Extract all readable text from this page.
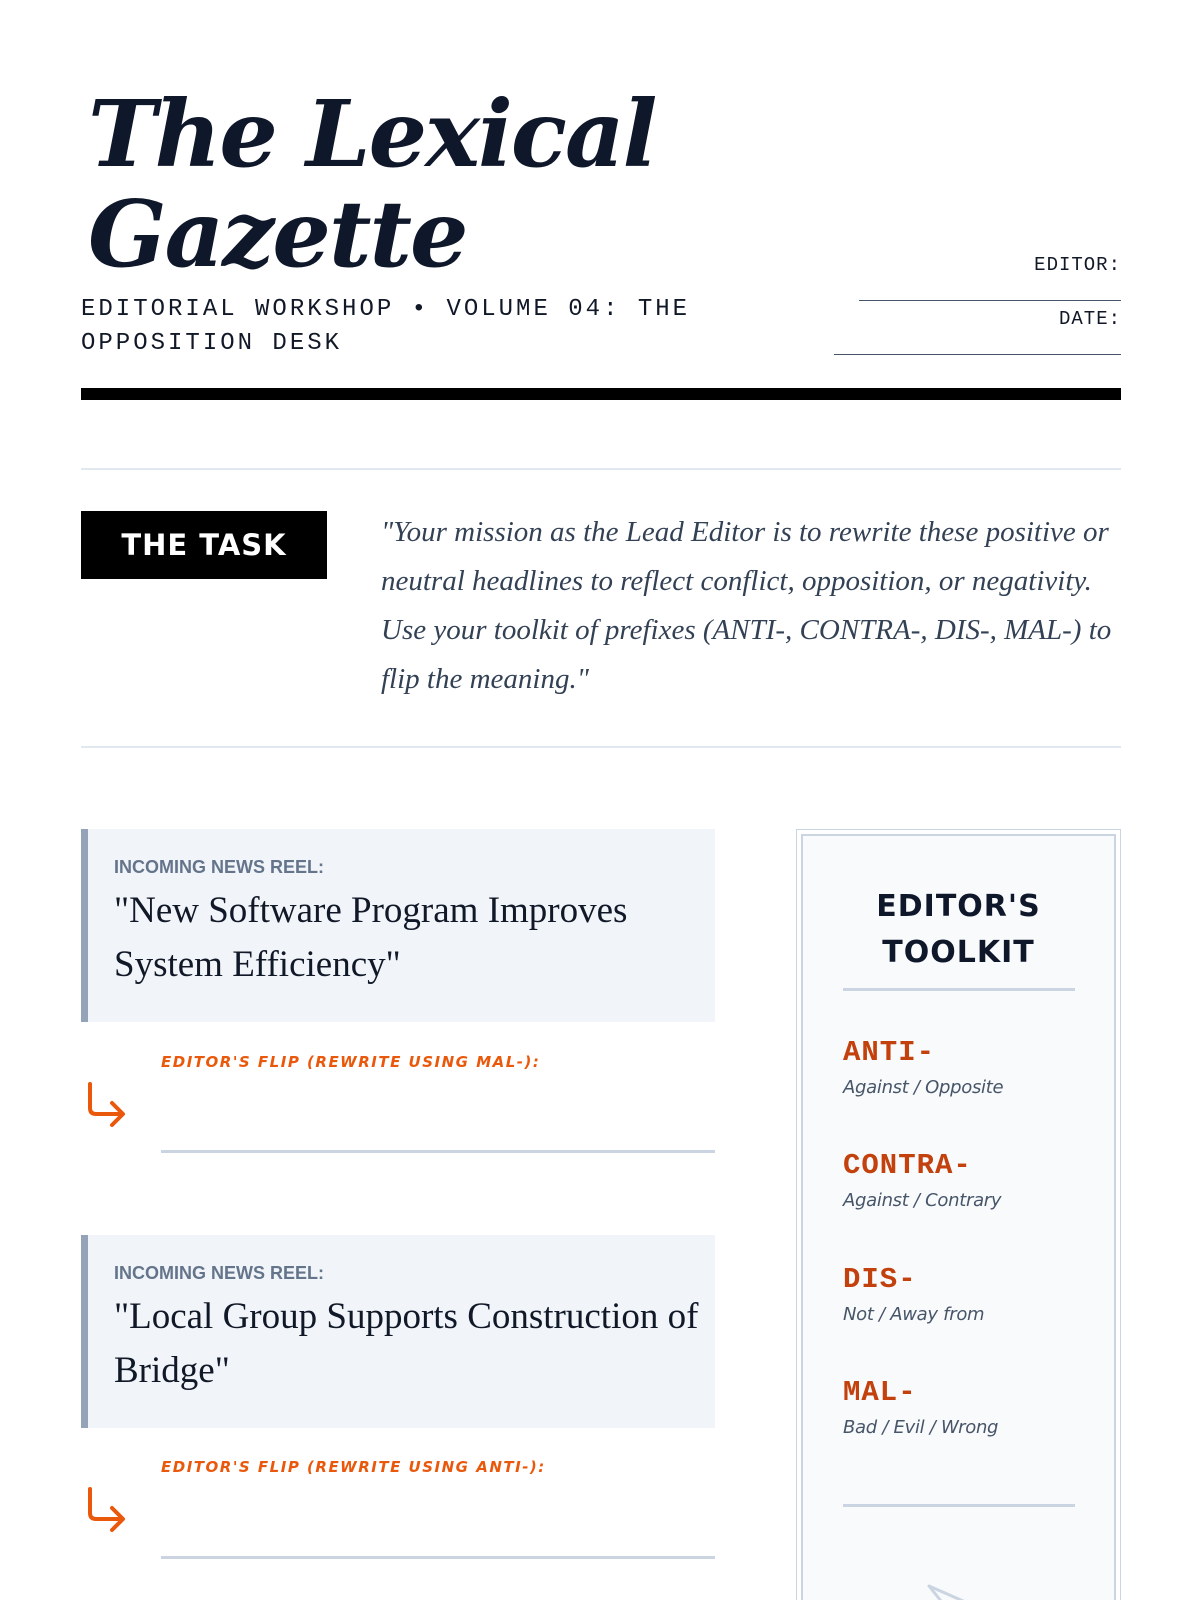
The Lexical Gazette
EDITORIAL WORKSHOP • VOLUME 04: THE OPPOSITION DESK
EDITOR:
DATE:
THE TASK	"Your mission as the Lead Editor is to rewrite these positive or neutral headlines to reflect conflict, opposition, or negativity. Use your toolkit of prefixes (ANTI-, CONTRA-, DIS-, MAL-) to flip the meaning."

INCOMING NEWS REEL:
"New Software Program Improves System Efficiency"
EDITOR'S FLIP (REWRITE USING MAL-):
INCOMING NEWS REEL:
"Local Group Supports Construction of Bridge"
EDITOR'S FLIP (REWRITE USING ANTI-):
EDITOR'S TOOLKIT
ANTI-
Against / Opposite
CONTRA-
Against / Contrary
DIS-
Not / Away from
MAL-
Bad / Evil / Wrong
